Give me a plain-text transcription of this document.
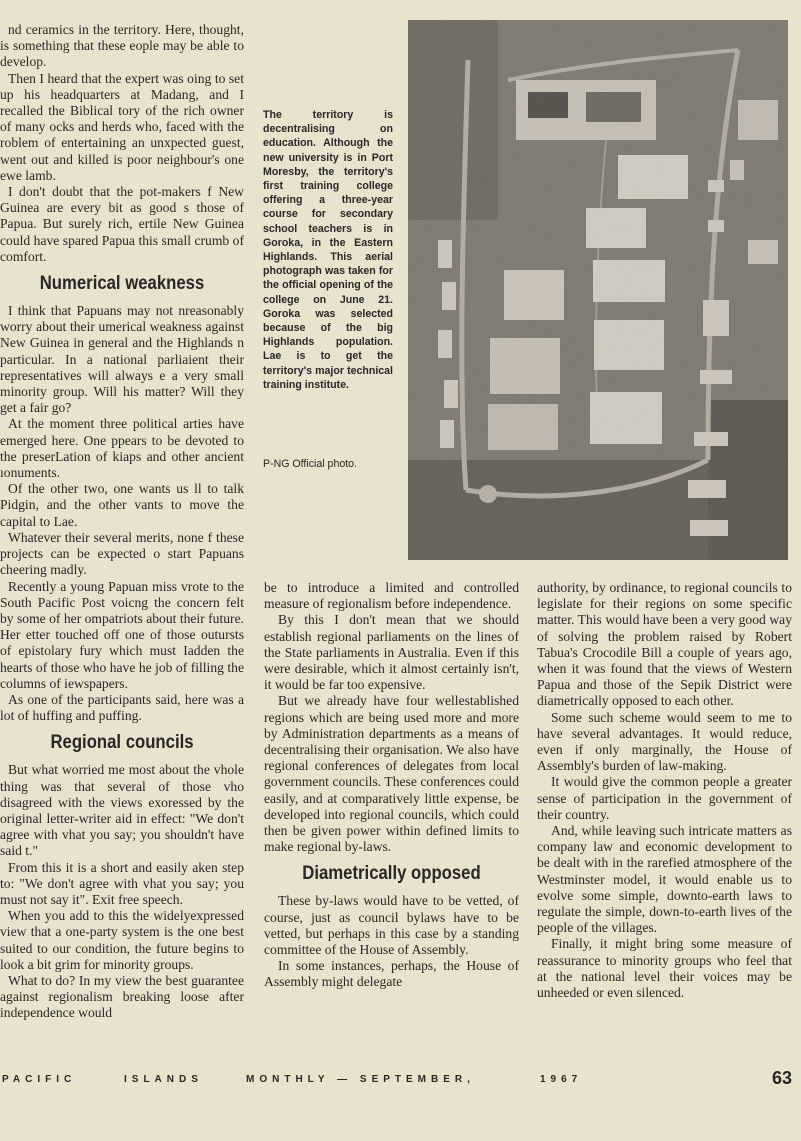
nd ceramics in the territory. Here, thought, is something that these eople may be able to develop.

Then I heard that the expert was oing to set up his headquarters at Madang, and I recalled the Biblical tory of the rich owner of many ocks and herds who, faced with the roblem of entertaining an unxpected guest, went out and killed is poor neighbour's one ewe lamb.

I don't doubt that the pot-makers f New Guinea are every bit as good s those of Papua. But surely rich, ertile New Guinea could have spared Papua this small crumb of comfort.

Numerical weakness

I think that Papuans may not nreasonably worry about their umerical weakness against New Guinea in general and the Highlands n particular. In a national parliaient their representatives will always e a very small minority group. Will his matter? Will they get a fair go?

At the moment three political arties have emerged here. One ppears to be devoted to the preserLation of kiaps and other ancient ıonuments.

Of the other two, one wants us ll to talk Pidgin, and the other vants to move the capital to Lae.

Whatever their several merits, none f these projects can be expected o start Papuans cheering madly.

Recently a young Papuan miss vrote to the South Pacific Post voicng the concern felt by some of her ompatriots about their future. Her etter touched off one of those outursts of epistolary fury which must Iadden the hearts of those who have he job of filling the columns of iewspapers.

As one of the participants said, here was a lot of huffing and puffing.

Regional councils

But what worried me most about the vhole thing was that several of those vho disagreed with the views exoressed by the original letter-writer aid in effect: "We don't agree with vhat you say; you shouldn't have said t."

From this it is a short and easily aken step to: "We don't agree with vhat you say; you must not say it". Exit free speech.

When you add to this the widelyexpressed view that a one-party system is the one best suited to our condition, the future begins to look a bit grim for minority groups.

What to do? In my view the best guarantee against regionalism breaking loose after independence would

The territory is decentralising on education. Although the new university is in Port Moresby, the territory's first training college offering a three-year course for secondary school teachers is in Goroka, in the Eastern Highlands. This aerial photograph was taken for the official opening of the college on June 21. Goroka was selected because of the big Highlands population. Lae is to get the territory's major technical training institute.
P-NG Official photo.

be to introduce a limited and controlled measure of regionalism before independence.

By this I don't mean that we should establish regional parliaments on the lines of the State parliaments in Australia. Even if this were desirable, which it almost certainly isn't, it would be far too expensive.

But we already have four wellestablished regions which are being used more and more by Administration departments as a means of decentralising their organisation. We also have regional conferences of delegates from local government councils. These conferences could easily, and at comparatively little expense, be developed into regional councils, which could then be given power within defined limits to make regional by-laws.

Diametrically opposed

These by-laws would have to be vetted, of course, just as council bylaws have to be vetted, but perhaps in this case by a standing committee of the House of Assembly.

In some instances, perhaps, the House of Assembly might delegate

authority, by ordinance, to regional councils to legislate for their regions on some specific matter. This would have been a very good way of solving the problem raised by Robert Tabua's Crocodile Bill a couple of years ago, when it was found that the views of Western Papua and those of the Sepik District were diametrically opposed to each other.

Some such scheme would seem to me to have several advantages. It would reduce, even if only marginally, the House of Assembly's burden of law-making.

It would give the common people a greater sense of participation in the government of their country.

And, while leaving such intricate matters as company law and economic development to be dealt with in the rarefied atmosphere of the Westminster model, it would enable us to evolve some simple, downto-earth laws to regulate the simple, down-to-earth lives of the people of the villages.

Finally, it might bring some measure of reassurance to minority groups who feel that at the national level their voices may be unheeded or even silenced.

PACIFIC	ISLANDS	MONTHLY — SEPTEMBER,	1967	63
